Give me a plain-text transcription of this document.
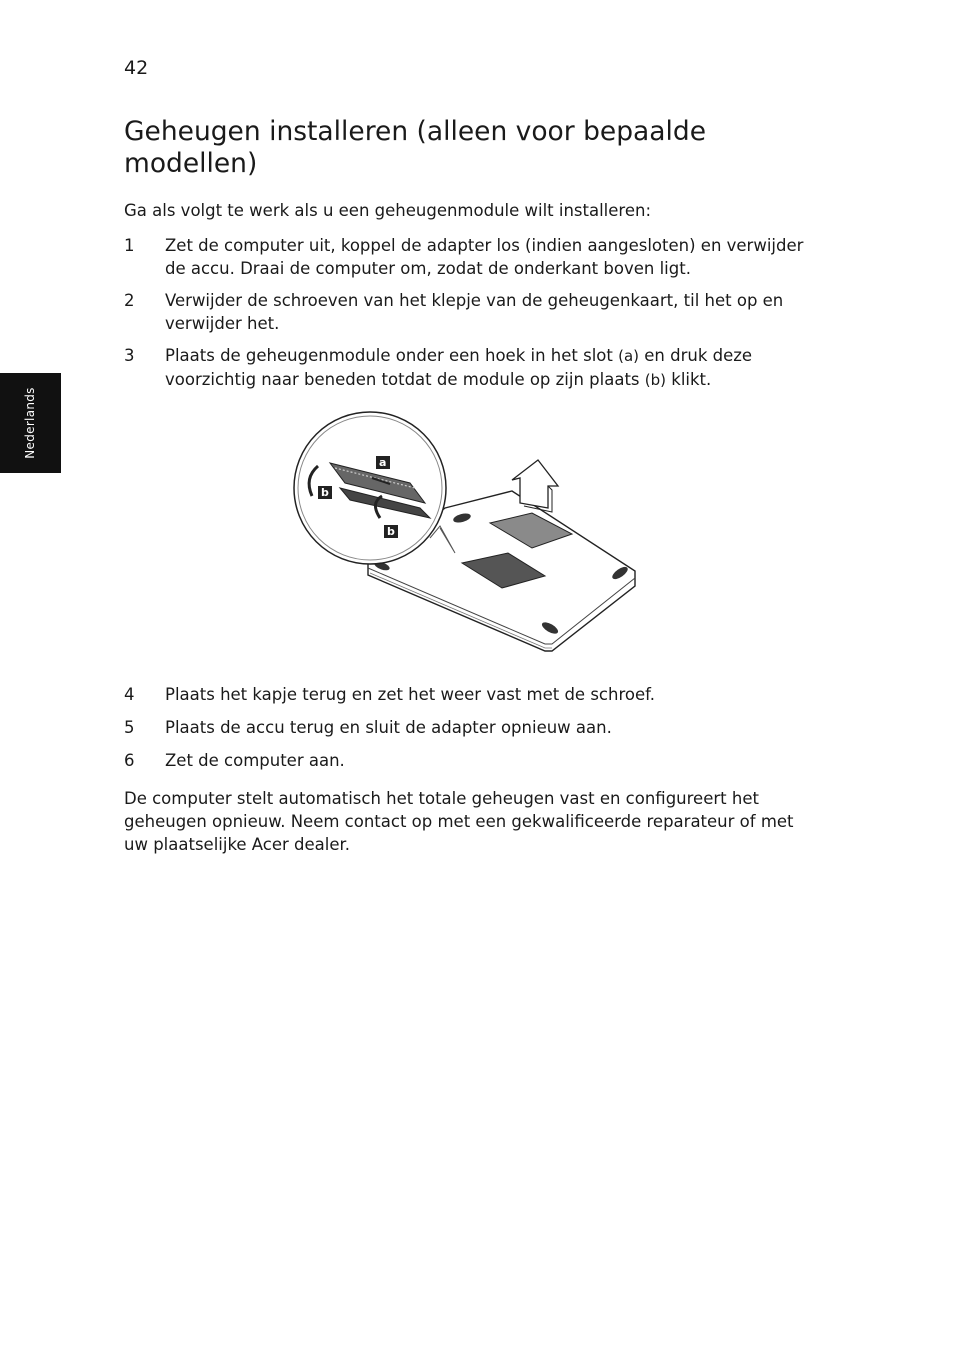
42
Nederlands
Geheugen installeren (alleen voor bepaalde modellen)
Ga als volgt te werk als u een geheugenmodule wilt installeren:
1 Zet de computer uit, koppel de adapter los (indien aangesloten) en verwijder de accu. Draai de computer om, zodat de onderkant boven ligt.
2 Verwijder de schroeven van het klepje van de geheugenkaart, til het op en verwijder het.
3 Plaats de geheugenmodule onder een hoek in het slot (a) en druk deze voorzichtig naar beneden totdat de module op zijn plaats (b) klikt.
a
b
b
4 Plaats het kapje terug en zet het weer vast met de schroef.
5 Plaats de accu terug en sluit de adapter opnieuw aan.
6 Zet de computer aan.

De computer stelt automatisch het totale geheugen vast en configureert het geheugen opnieuw. Neem contact op met een gekwalificeerde reparateur of met uw plaatselijke Acer dealer.
